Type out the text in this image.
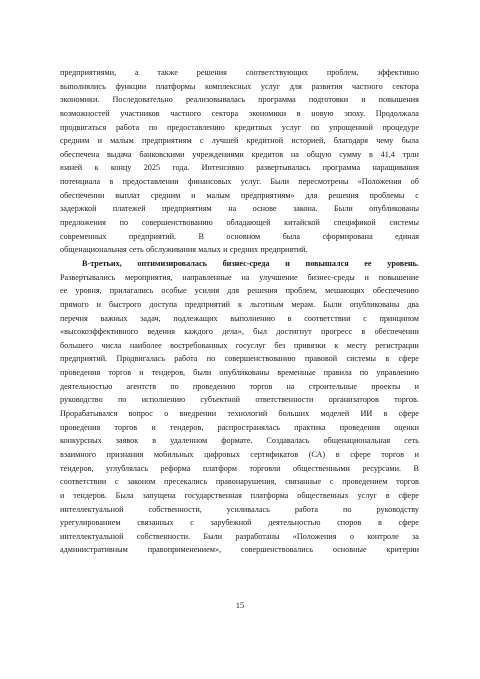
предприятиями, а также решения соответствующих проблем, эффективно
выполнялись функции платформы комплексных услуг для развития частного сектора
экономики. Последовательно реализовывалась программа подготовки и повышения
возможностей участников частного сектора экономики в новую эпоху. Продолжала
продвигаться работа по предоставлению кредитных услуг по упрощенной процедуре
средним и малым предприятиям с лучшей кредитной историей, благодаря чему была
обеспечена выдача банковскими учреждениями кредитов на общую сумму в 41,4 трлн
юаней к концу 2025 года. Интенсивно развертывалась программа наращивания
потенциала в предоставлении финансовых услуг. Были пересмотрены «Положения об
обеспечении выплат средним и малым предприятиям» для решения проблемы с
задержкой платежей предприятиям на основе закона. Были опубликованы
предложения по совершенствованию обладающей китайской спецификой системы
современных	предприятий.	В	основном	была	сформирована	единая
общенациональная сеть обслуживания малых и средних предприятий.
В-третьих, оптимизировалась бизнес-среда и повышался ее уровень.
Развертывались мероприятия, направленные на улучшение бизнес-среды и повышение
ее уровня, прилагались особые усилия для решения проблем, мешающих обеспечению
прямого и быстрого доступа предприятий к льготным мерам. Были опубликованы два
перечня важных задач, подлежащих выполнению в соответствии с принципом
«высокоэффективного ведения каждого дела», был достигнут прогресс в обеспечении
большего числа наиболее востребованных госуслуг без привязки к месту регистрации
предприятий. Продвигалась работа по совершенствованию правовой системы в сфере
проведения торгов и тендеров, были опубликованы временные правила по управлению
деятельностью агентств по проведению торгов на строительные проекты и
руководство по исполнению субъектной ответственности организаторов торгов.
Прорабатывался вопрос о внедрении технологий больших моделей ИИ в сфере
проведения торгов и тендеров, распространялась практика проведения оценки
конкурсных заявок в удаленном формате. Создавалась общенациональная сеть
взаимного признания мобильных цифровых сертификатов (СА) в сфере торгов и
тендеров, углублялась реформа платформ торговли общественными ресурсами. В
соответствии с законом пресекались правонарушения, связанные с проведением торгов
и тендеров. Была запущена государственная платформа общественных услуг в сфере
интеллектуальной	собственности,	усиливалась	работа	по	руководству
урегулированием связанных с зарубежной деятельностью споров в сфере
интеллектуальной собственности. Были разработаны «Положения о контроле за
административным правоприменением», совершенствовались основные критерии
15
